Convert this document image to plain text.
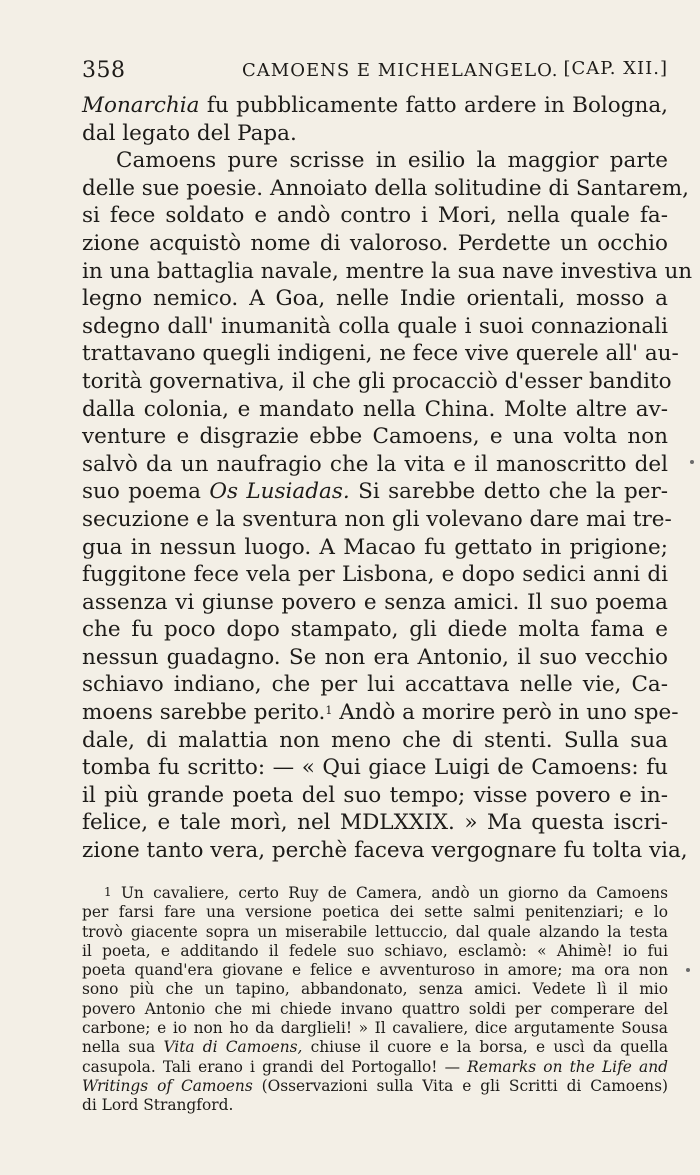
358	CAMOENS E MICHELANGELO. [CAP. XII.]
Monarchia fu pubblicamente fatto ardere in Bologna,
dal legato del Papa.
Camoens pure scrisse in esilio la maggior parte
delle sue poesie. Annoiato della solitudine di Santarem,
si fece soldato e andò contro i Mori, nella quale fa-
zione acquistò nome di valoroso. Perdette un occhio
in una battaglia navale, mentre la sua nave investiva un
legno nemico. A Goa, nelle Indie orientali, mosso a
sdegno dall' inumanità colla quale i suoi connazionali
trattavano quegli indigeni, ne fece vive querele all' au-
torità governativa, il che gli procacciò d'esser bandito
dalla colonia, e mandato nella China. Molte altre av-
venture e disgrazie ebbe Camoens, e una volta non
salvò da un naufragio che la vita e il manoscritto del
suo poema Os Lusiadas. Si sarebbe detto che la per-
secuzione e la sventura non gli volevano dare mai tre-
gua in nessun luogo. A Macao fu gettato in prigione;
fuggitone fece vela per Lisbona, e dopo sedici anni di
assenza vi giunse povero e senza amici. Il suo poema
che fu poco dopo stampato, gli diede molta fama e
nessun guadagno. Se non era Antonio, il suo vecchio
schiavo indiano, che per lui accattava nelle vie, Ca-
moens sarebbe perito.$^1$ Andò a morire però in uno spe-
dale, di malattia non meno che di stenti. Sulla sua
tomba fu scritto: — « Qui giace Luigi de Camoens: fu
il più grande poeta del suo tempo; visse povero e in-
felice, e tale morì, nel MDLXXIX. » Ma questa iscri-
zione tanto vera, perchè faceva vergognare fu tolta via,
$^1$ Un cavaliere, certo Ruy de Camera, andò un giorno da Camoens
per farsi fare una versione poetica dei sette salmi penitenziari; e lo
trovò giacente sopra un miserabile lettuccio, dal quale alzando la testa
il poeta, e additando il fedele suo schiavo, esclamò: « Ahimè! io fui
poeta quand'era giovane e felice e avventuroso in amore; ma ora non
sono più che un tapino, abbandonato, senza amici. Vedete lì il mio
povero Antonio che mi chiede invano quattro soldi per comperare del
carbone; e io non ho da darglieli! » Il cavaliere, dice argutamente Sousa
nella sua Vita di Camoens, chiuse il cuore e la borsa, e uscì da quella
casupola. Tali erano i grandi del Portogallo! — Remarks on the Life and
Writings of Camoens (Osservazioni sulla Vita e gli Scritti di Camoens)
di Lord Strangford.
